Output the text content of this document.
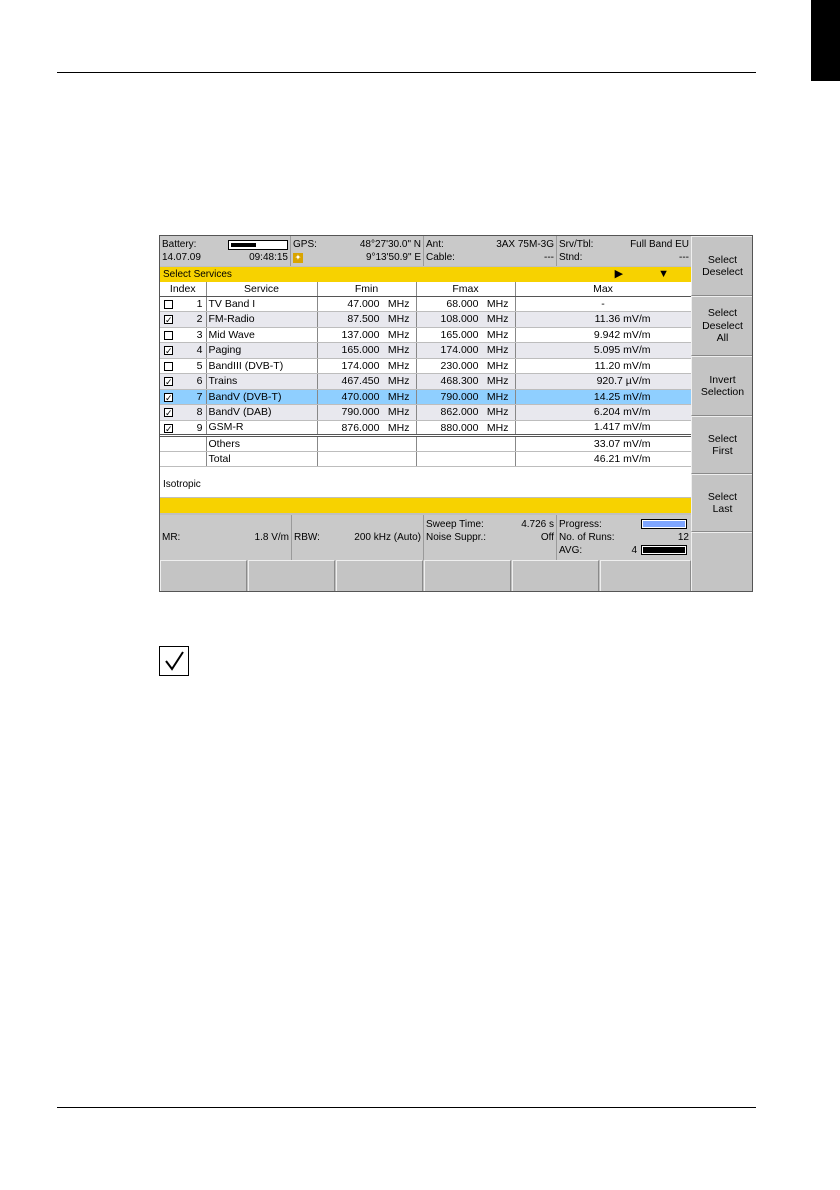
Battery:
14.07.09	09:48:15
GPS:	48°27'30.0" N
✦	9°13'50.9" E
Ant:	3AX 75M-3G
Cable:	---
Srv/Tbl:	Full Band EU
Stnd:	---
Select Services	▶ ▼
Index	Service	Fmin	Fmax	Max

1	TV Band I	47.000 MHz	68.000 MHz	-

✓ 2	FM-Radio	87.500 MHz	108.000 MHz	11.36 mV/m

3	Mid Wave	137.000 MHz	165.000 MHz	9.942 mV/m

✓ 4	Paging	165.000 MHz	174.000 MHz	5.095 mV/m

5	BandIII (DVB-T)	174.000 MHz	230.000 MHz	11.20 mV/m

✓ 6	Trains	467.450 MHz	468.300 MHz	920.7 µV/m

✓ 7	BandV (DVB-T)	470.000 MHz	790.000 MHz	14.25 mV/m

✓ 8	BandV (DAB)	790.000 MHz	862.000 MHz	6.204 mV/m

✓ 9	GSM-R	876.000 MHz	880.000 MHz	1.417 mV/m
	Others			33.07 mV/m
	Total			46.21 mV/m
Isotropic
MR:	1.8 V/m RBW:	200 kHz (Auto)
Sweep Time:	4.726 s
Noise Suppr.:	Off
Progress:
No. of Runs:	12
AVG:	4
Select
Deselect
Select
Deselect
All
Invert
Selection
Select
First
Select
Last
